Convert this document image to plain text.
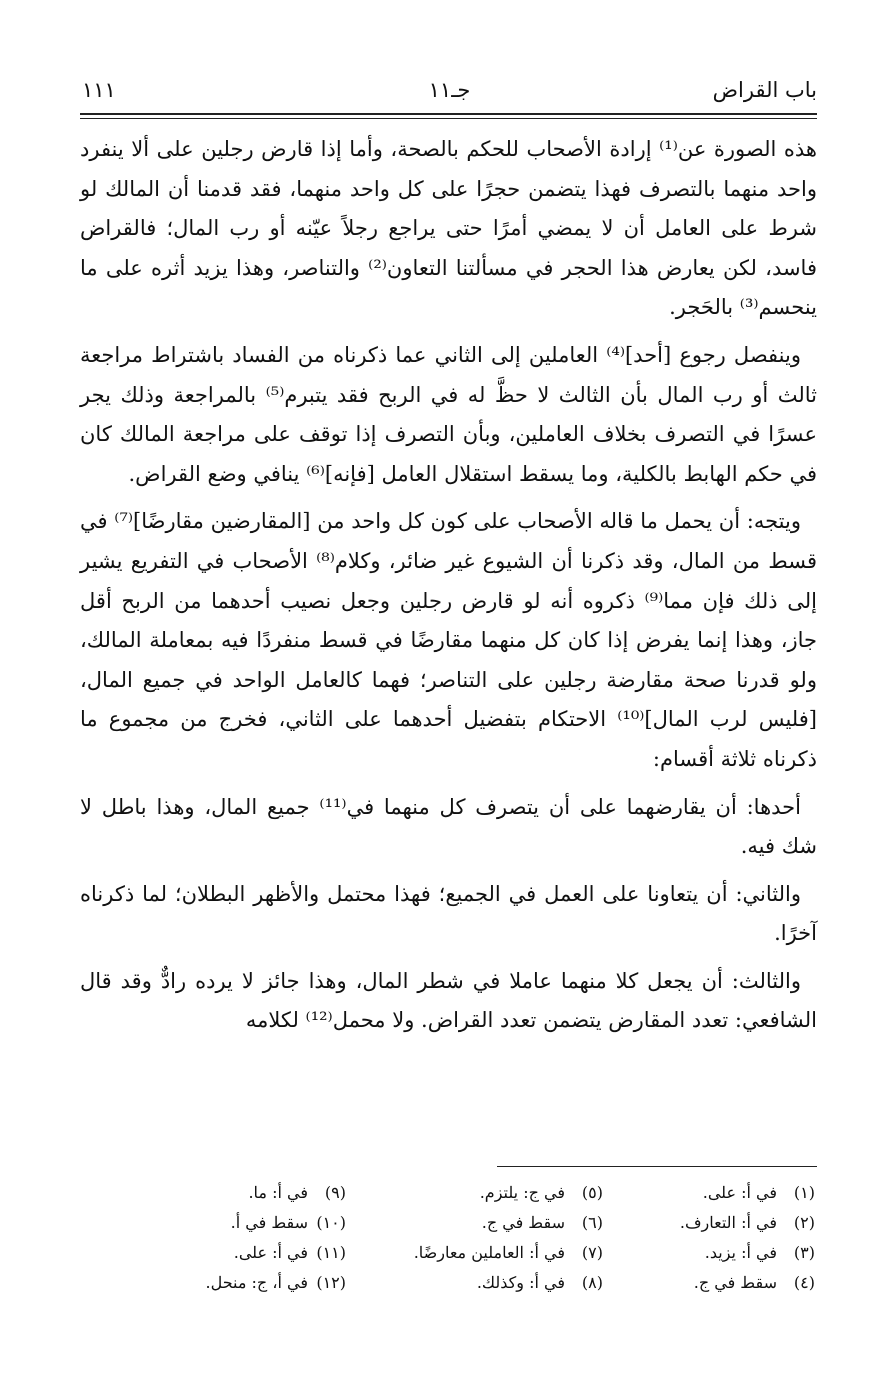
باب القراض
جـ١١
١١١

هذه الصورة عن⁽¹⁾ إرادة الأصحاب للحكم بالصحة، وأما إذا قارض رجلين على ألا ينفرد واحد منهما بالتصرف فهذا يتضمن حجرًا على كل واحد منهما، فقد قدمنا أن المالك لو شرط على العامل أن لا يمضي أمرًا حتى يراجع رجلاً عيّنه أو رب المال؛ فالقراض فاسد، لكن يعارض هذا الحجر في مسألتنا التعاون⁽²⁾ والتناصر، وهذا يزيد أثره على ما ينحسم⁽³⁾ بالحَجر.

وينفصل رجوع [أحد]⁽⁴⁾ العاملين إلى الثاني عما ذكرناه من الفساد باشتراط مراجعة ثالث أو رب المال بأن الثالث لا حظَّ له في الربح فقد يتبرم⁽⁵⁾ بالمراجعة وذلك يجر عسرًا في التصرف بخلاف العاملين، وبأن التصرف إذا توقف على مراجعة المالك كان في حكم الهابط بالكلية، وما يسقط استقلال العامل [فإنه]⁽⁶⁾ ينافي وضع القراض.

ويتجه: أن يحمل ما قاله الأصحاب على كون كل واحد من [المقارضين مقارضًا]⁽⁷⁾ في قسط من المال، وقد ذكرنا أن الشيوع غير ضائر، وكلام⁽⁸⁾ الأصحاب في التفريع يشير إلى ذلك فإن مما⁽⁹⁾ ذكروه أنه لو قارض رجلين وجعل نصيب أحدهما من الربح أقل جاز، وهذا إنما يفرض إذا كان كل منهما مقارضًا في قسط منفردًا فيه بمعاملة المالك، ولو قدرنا صحة مقارضة رجلين على التناصر؛ فهما كالعامل الواحد في جميع المال، [فليس لرب المال]⁽¹⁰⁾ الاحتكام بتفضيل أحدهما على الثاني، فخرج من مجموع ما ذكرناه ثلاثة أقسام:

أحدها: أن يقارضهما على أن يتصرف كل منهما في⁽¹¹⁾ جميع المال، وهذا باطل لا شك فيه.

والثاني: أن يتعاونا على العمل في الجميع؛ فهذا محتمل والأظهر البطلان؛ لما ذكرناه آخرًا.

والثالث: أن يجعل كلا منهما عاملا في شطر المال، وهذا جائز لا يرده رادٌّ وقد قال الشافعي: تعدد المقارض يتضمن تعدد القراض. ولا محمل⁽¹²⁾ لكلامه

(١)في أ: على.
(٥)في ج: يلتزم.
(٩)في أ: ما.
(٢)في أ: التعارف.
(٦)سقط في ج.
(١٠)سقط في أ.
(٣)في أ: يزيد.
(٧)في أ: العاملين معارضًا.
(١١)في أ: على.
(٤)سقط في ج.
(٨)في أ: وكذلك.
(١٢)في أ، ج: منحل.
